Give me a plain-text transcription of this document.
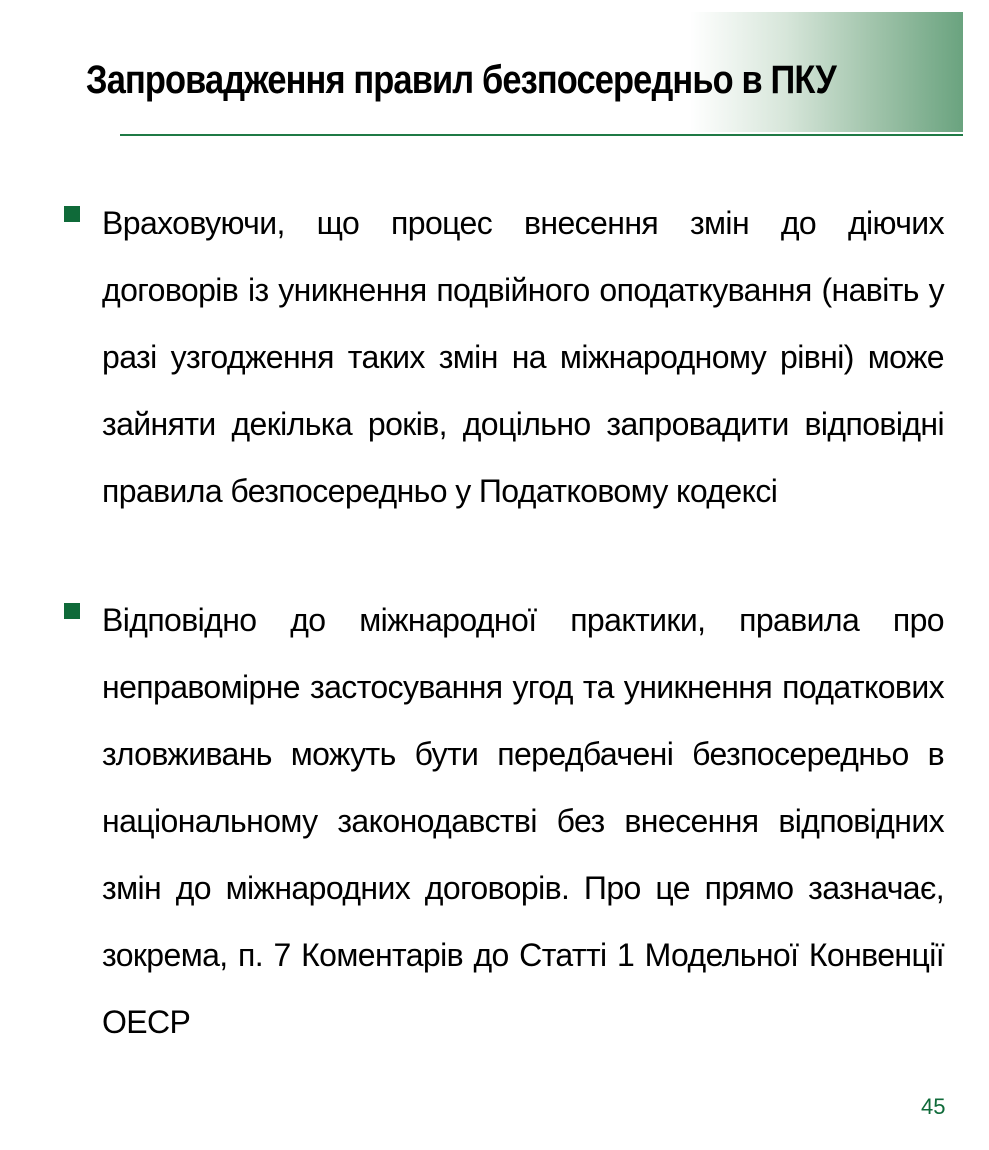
Запровадження правил безпосередньо в ПКУ
Враховуючи, що процес внесення змін до діючих договорів із уникнення подвійного оподаткування (навіть у разі узгодження таких змін на міжнародному рівні) може зайняти декілька років, доцільно запровадити відповідні правила безпосередньо у Податковому кодексі
Відповідно до міжнародної практики, правила про неправомірне застосування угод та уникнення податкових зловживань можуть бути передбачені безпосередньо в національному законодавстві без внесення відповідних змін до міжнародних договорів. Про це прямо зазначає, зокрема, п. 7 Коментарів до Статті 1 Модельної Конвенції ОЕСР
45
